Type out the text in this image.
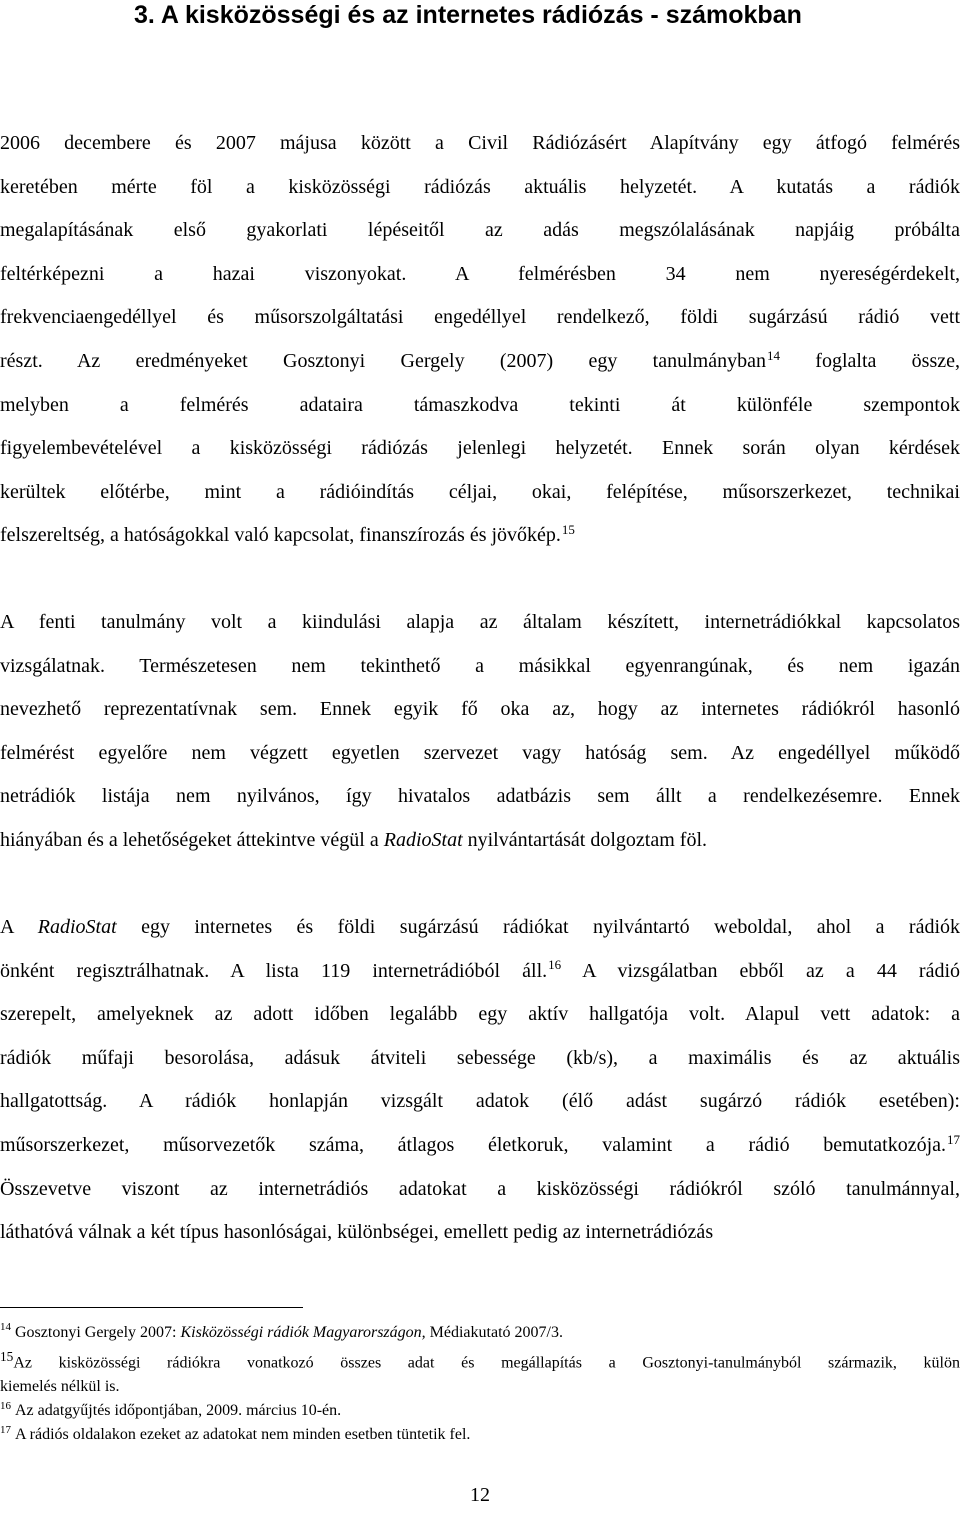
3. A kisközösségi és az internetes rádiózás - számokban
2006 decembere és 2007 májusa között a Civil Rádiózásért Alapítvány egy átfogó felmérés
keretében mérte föl a kisközösségi rádiózás aktuális helyzetét. A kutatás a rádiók
megalapításának első gyakorlati lépéseitől az adás megszólalásának napjáig próbálta
feltérképezni a hazai viszonyokat. A felmérésben 34 nem nyereségérdekelt,
frekvenciaengedéllyel és műsorszolgáltatási engedéllyel rendelkező, földi sugárzású rádió vett
részt. Az eredményeket Gosztonyi Gergely (2007) egy tanulmányban$^{14}$ foglalta össze,
melyben a felmérés adataira támaszkodva tekinti át különféle szempontok
figyelembevételével a kisközösségi rádiózás jelenlegi helyzetét. Ennek során olyan kérdések
kerültek előtérbe, mint a rádióindítás céljai, okai, felépítése, műsorszerkezet, technikai
felszereltség, a hatóságokkal való kapcsolat, finanszírozás és jövőkép.$^{15}$
A fenti tanulmány volt a kiindulási alapja az általam készített, internetrádiókkal kapcsolatos
vizsgálatnak. Természetesen nem tekinthető a másikkal egyenrangúnak, és nem igazán
nevezhető reprezentatívnak sem. Ennek egyik fő oka az, hogy az internetes rádiókról hasonló
felmérést egyelőre nem végzett egyetlen szervezet vagy hatóság sem. Az engedéllyel működő
netrádiók listája nem nyilvános, így hivatalos adatbázis sem állt a rendelkezésemre. Ennek
hiányában és a lehetőségeket áttekintve végül a RadioStat nyilvántartását dolgoztam föl.
A RadioStat egy internetes és földi sugárzású rádiókat nyilvántartó weboldal, ahol a rádiók
önként regisztrálhatnak. A lista 119 internetrádióból áll.$^{16}$ A vizsgálatban ebből az a 44 rádió
szerepelt, amelyeknek az adott időben legalább egy aktív hallgatója volt. Alapul vett adatok: a
rádiók műfaji besorolása, adásuk átviteli sebessége (kb/s), a maximális és az aktuális
hallgatottság. A rádiók honlapján vizsgált adatok (élő adást sugárzó rádiók esetében):
műsorszerkezet, műsorvezetők száma, átlagos életkoruk, valamint a rádió bemutatkozója.$^{17}$
Összevetve viszont az internetrádiós adatokat a kisközösségi rádiókról szóló tanulmánnyal,
láthatóvá válnak a két típus hasonlóságai, különbségei, emellett pedig az internetrádiózás
$^{14}$ Gosztonyi Gergely 2007: Kisközösségi rádiók Magyarországon, Médiakutató 2007/3.
$^{15}$Az kisközösségi rádiókra vonatkozó összes adat és megállapítás a Gosztonyi-tanulmányból származik, külön
kiemelés nélkül is.
$^{16}$ Az adatgyűjtés időpontjában, 2009. március 10-én.
$^{17}$ A rádiós oldalakon ezeket az adatokat nem minden esetben tüntetik fel.
12
